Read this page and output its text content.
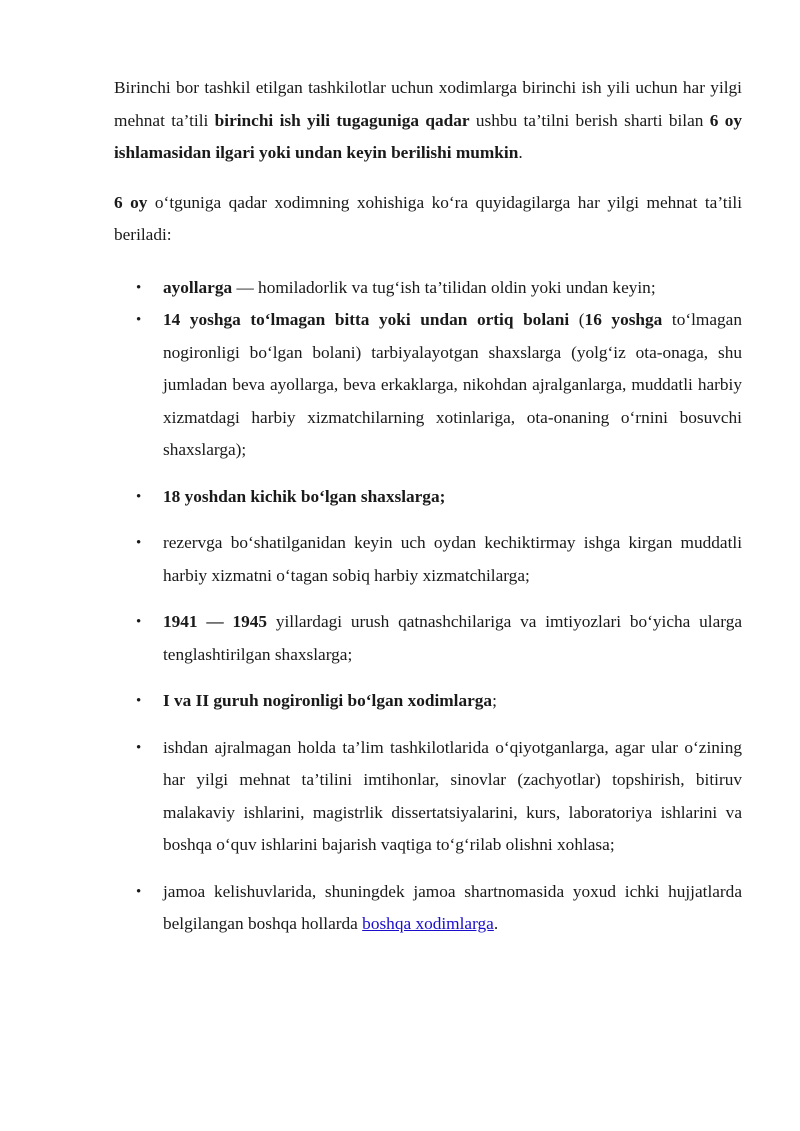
Birinchi bor tashkil etilgan tashkilotlar uchun xodimlarga birinchi ish yili uchun har yilgi mehnat ta’tili birinchi ish yili tugaguniga qadar ushbu ta’tilni berish sharti bilan 6 oy ishlamasidan ilgari yoki undan keyin berilishi mumkin.

6 oy o‘tguniga qadar xodimning xohishiga ko‘ra quyidagilarga har yilgi mehnat ta’tili beriladi:

• ayollarga — homiladorlik va tug‘ish ta’tilidan oldin yoki undan keyin;
• 14 yoshga to‘lmagan bitta yoki undan ortiq bolani (16 yoshga to‘lmagan nogironligi bo‘lgan bolani) tarbiyalayotgan shaxslarga (yolg‘iz ota-onaga, shu jumladan beva ayollarga, beva erkaklarga, nikohdan ajralganlarga, muddatli harbiy xizmatdagi harbiy xizmatchilarning xotinlariga, ota-onaning o‘rnini bosuvchi shaxslarga);
• 18 yoshdan kichik bo‘lgan shaxslarga;
• rezervga bo‘shatilganidan keyin uch oydan kechiktirmay ishga kirgan muddatli harbiy xizmatni o‘tagan sobiq harbiy xizmatchilarga;
• 1941 — 1945 yillardagi urush qatnashchilariga va imtiyozlari bo‘yicha ularga tenglashtirilgan shaxslarga;
• I va II guruh nogironligi bo‘lgan xodimlarga;
• ishdan ajralmagan holda ta’lim tashkilotlarida o‘qiyotganlarga, agar ular o‘zining har yilgi mehnat ta’tilini imtihonlar, sinovlar (zachyotlar) topshirish, bitiruv malakaviy ishlarini, magistrlik dissertatsiyalarini, kurs, laboratoriya ishlarini va boshqa o‘quv ishlarini bajarish vaqtiga to‘g‘rilab olishni xohlasa;
• jamoa kelishuvlarida, shuningdek jamoa shartnomasida yoxud ichki hujjatlarda belgilangan boshqa hollarda boshqa xodimlarga.
